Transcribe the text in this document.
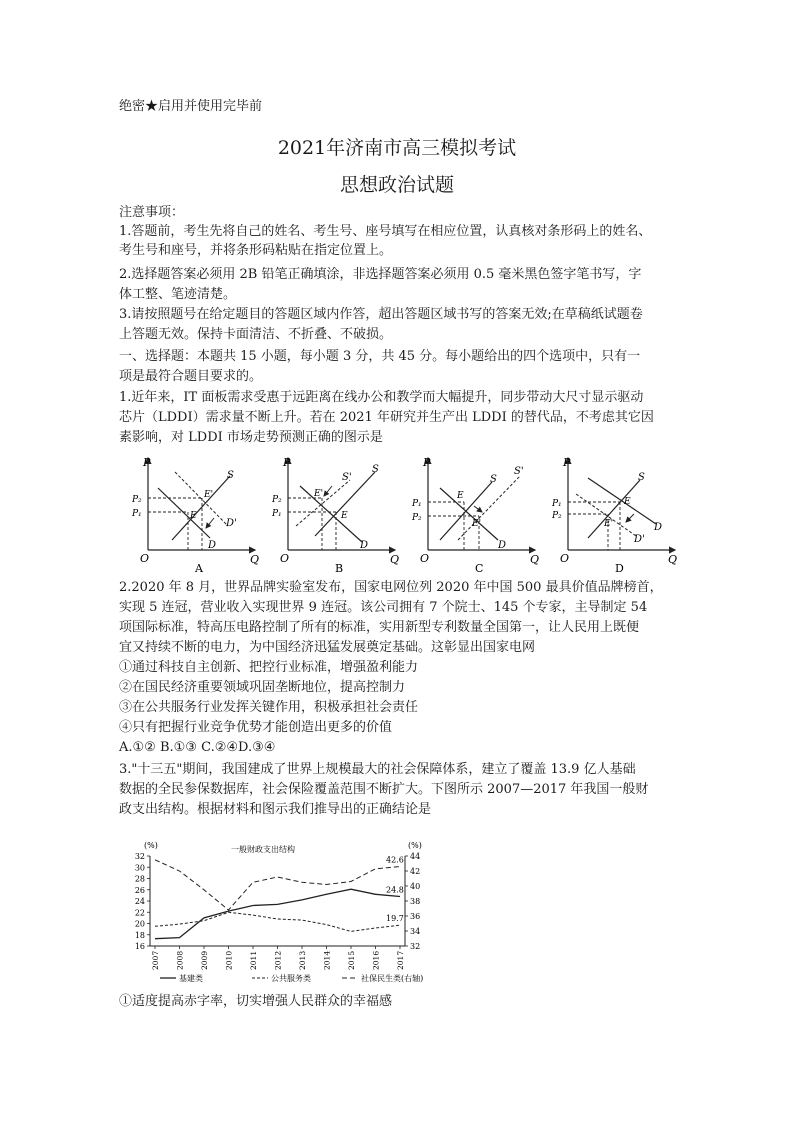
绝密★启用并使用完毕前
2021年济南市高三模拟考试
思想政治试题
注意事项：
1.答题前，考生先将自己的姓名、考生号、座号填写在相应位置，认真核对条形码上的姓名、
考生号和座号，并将条形码粘贴在指定位置上。
2.选择题答案必须用 2B 铅笔正确填涂，非选择题答案必须用 0.5 毫米黑色签字笔书写，字
体工整、笔迹清楚。
3.请按照题号在给定题目的答题区域内作答，超出答题区域书写的答案无效;在草稿纸试题卷
上答题无效。保持卡面清洁、不折叠、不破损。
一、选择题：本题共 15 小题，每小题 3 分，共 45 分。每小题给出的四个选项中，只有一
项是最符合题目要求的。
1.近年来，IT 面板需求受惠于远距离在线办公和教学而大幅提升，同步带动大尺寸显示驱动
芯片（LDDI）需求量不断上升。若在 2021 年研究并生产出 LDDI 的替代品，不考虑其它因
素影响，对 LDDI 市场走势预测正确的图示是
P
Q
O
S
D
D'
P₂
P₁
E'
E
A
P
Q
O
S
S'
D
P₂
P₁
E'
E
B
P
Q
O
S
S'
D
P₁
P₂
E
E'
C
P
Q
O
S
D
D'
P₁
P₂
E
E'
D
2.2020 年 8 月，世界品牌实验室发布，国家电网位列 2020 年中国 500 最具价值品牌榜首，
实现 5 连冠，营业收入实现世界 9 连冠。该公司拥有 7 个院士、145 个专家，主导制定 54
项国际标准，特高压电路控制了所有的标准，实用新型专利数量全国第一，让人民用上既便
宜又持续不断的电力，为中国经济迅猛发展奠定基础。这彰显出国家电网
①通过科技自主创新、把控行业标准，增强盈利能力
②在国民经济重要领域巩固垄断地位，提高控制力
③在公共服务行业发挥关键作用，积极承担社会责任
④只有把握行业竞争优势才能创造出更多的价值
A.①② B.①③ C.②④D.③④
3."十三五"期间，我国建成了世界上规模最大的社会保障体系，建立了覆盖 13.9 亿人基础
数据的全民参保数据库，社会保险覆盖范围不断扩大。下图所示 2007—2017 年我国一般财
政支出结构。根据材料和图示我们推导出的正确结论是
一般财政支出结构
(%)	(%)
16
18
20
22
24
26
28
30
32
32
34
36
38
40
42
44
2007 2008 2009 2010 2011 2012 2013 2014 2015 2016 2017
24.8
19.7
42.6
基建类	公共服务类	社保民生类(右轴)
①适度提高赤字率，切实增强人民群众的幸福感
